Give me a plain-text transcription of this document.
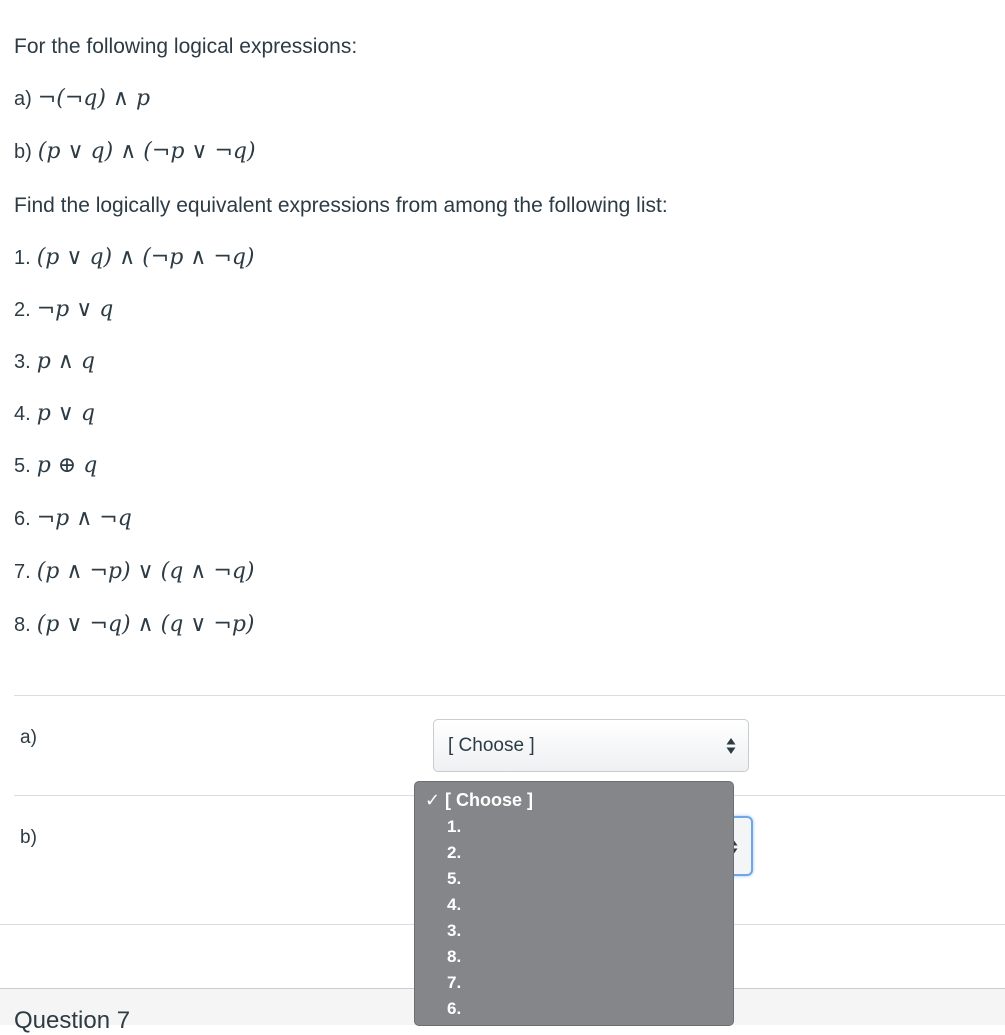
For the following logical expressions:
a) ¬(¬q) ∧ p
b) (p ∨ q) ∧ (¬p ∨ ¬q)
Find the logically equivalent expressions from among the following list:
1. (p ∨ q) ∧ (¬p ∧ ¬q)
2. ¬p ∨ q
3. p ∧ q
4. p ∨ q
5. p ⊕ q
6. ¬p ∧ ¬q
7. (p ∧ ¬p) ∨ (q ∧ ¬q)
8. (p ∨ ¬q) ∧ (q ∨ ¬p)
a)	[ Choose ]
b)
Question 7
✓ [ Choose ]
1.
2.
5.
4.
3.
8.
7.
6.
